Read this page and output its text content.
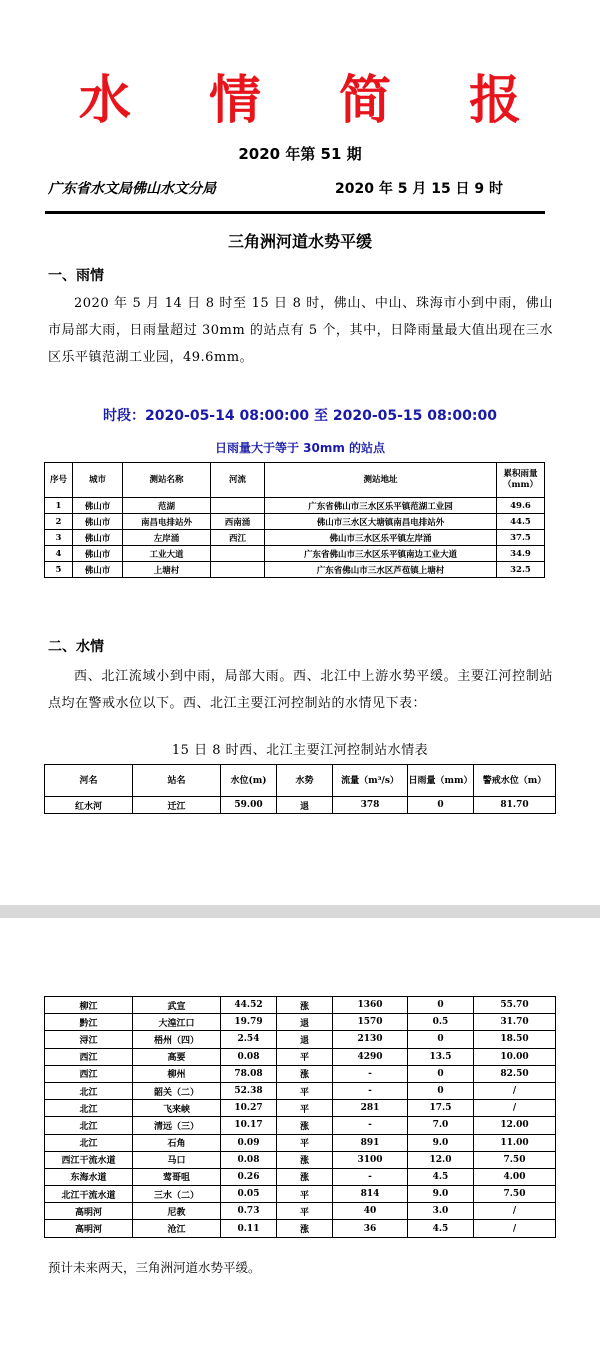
水 情 简 报
2020 年第 51 期
广东省水文局佛山水文分局	2020 年 5 月 15 日 9 时
三角洲河道水势平缓
一、雨情
2020 年 5 月 14 日 8 时至 15 日 8 时，佛山、中山、珠海市小到中雨，佛山市局部大雨，日雨量超过 30mm 的站点有 5 个，其中，日降雨量最大值出现在三水区乐平镇范湖工业园，49.6mm。
时段：2020-05-14 08:00:00 至 2020-05-15 08:00:00
日雨量大于等于 30mm 的站点
序号	城市	测站名称	河流	测站地址	累积雨量（mm）
1	佛山市	范湖		广东省佛山市三水区乐平镇范湖工业园	49.6
2	佛山市	南昌电排站外	西南涌	佛山市三水区大塘镇南昌电排站外	44.5
3	佛山市	左岸涌	西江	佛山市三水区乐平镇左岸涌	37.5
4	佛山市	工业大道		广东省佛山市三水区乐平镇南边工业大道	34.9
5	佛山市	上塘村		广东省佛山市三水区芦苞镇上塘村	32.5
二、水情
西、北江流域小到中雨，局部大雨。西、北江中上游水势平缓。主要江河控制站点均在警戒水位以下。西、北江主要江河控制站的水情见下表：
15 日 8 时西、北江主要江河控制站水情表
河名	站名	水位(m)	水势	流量（m³/s）	日雨量（mm）	警戒水位（m）
红水河	迁江	59.00	退	378	0	81.70
柳江	武宣	44.52	涨	1360	0	55.70
黔江	大湟江口	19.79	退	1570	0.5	31.70
浔江	梧州（四）	2.54	退	2130	0	18.50
西江	高要	0.08	平	4290	13.5	10.00
西江	柳州	78.08	涨	-	0	82.50
北江	韶关（二）	52.38	平	-	0	/
北江	飞来峡	10.27	平	281	17.5	/
北江	清远（三）	10.17	涨	-	7.0	12.00
北江	石角	0.09	平	891	9.0	11.00
西江干流水道	马口	0.08	涨	3100	12.0	7.50
东海水道	莺哥咀	0.26	涨	-	4.5	4.00
北江干流水道	三水（二）	0.05	平	814	9.0	7.50
高明河	尼教	0.73	平	40	3.0	/
高明河	沧江	0.11	涨	36	4.5	/
预计未来两天，三角洲河道水势平缓。
